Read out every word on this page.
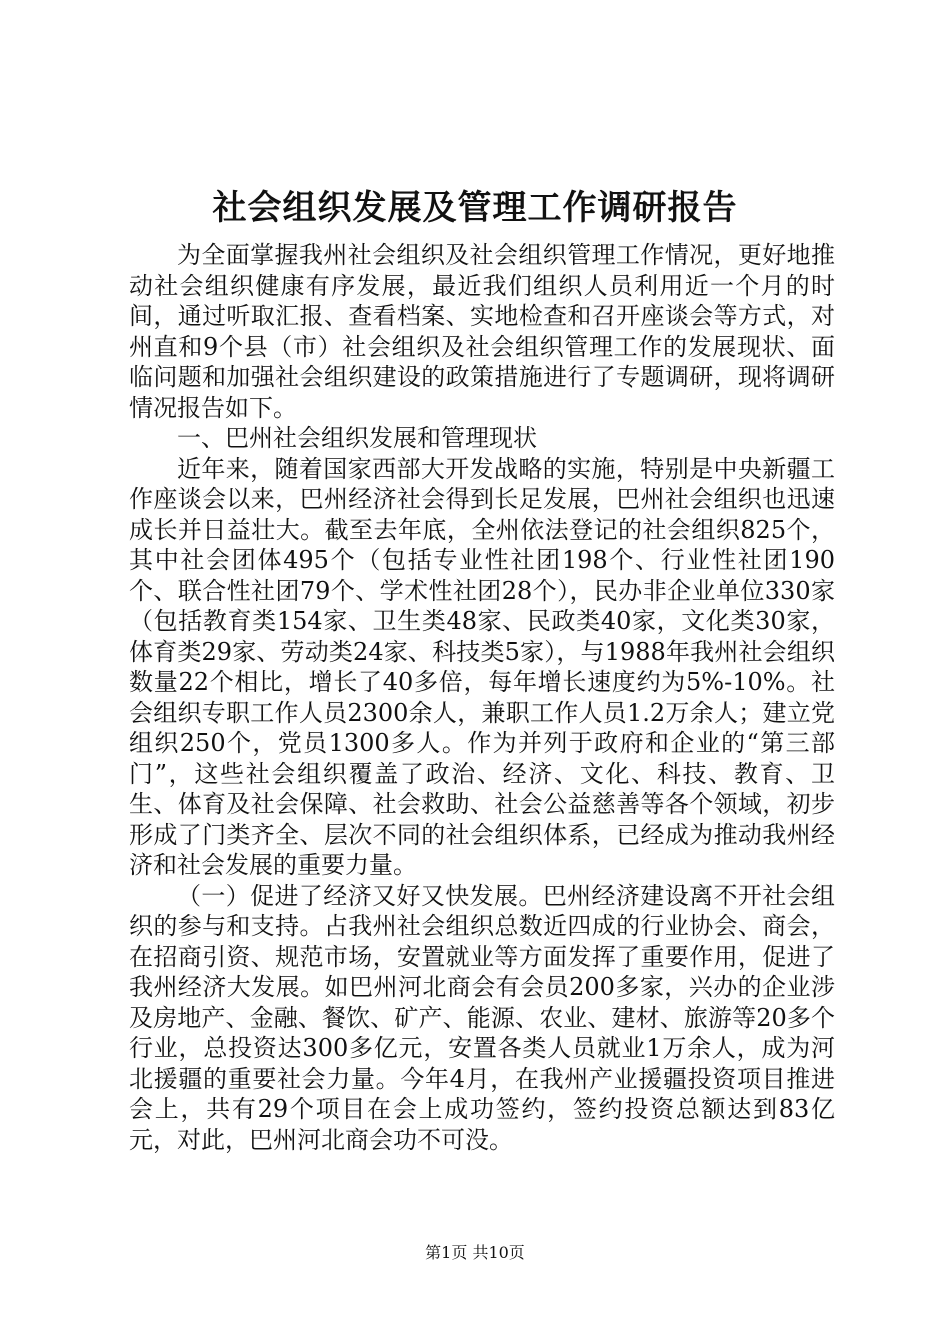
社会组织发展及管理工作调研报告

为全面掌握我州社会组织及社会组织管理工作情况，更好地推动社会组织健康有序发展，最近我们组织人员利用近一个月的时间，通过听取汇报、查看档案、实地检查和召开座谈会等方式，对州直和9个县（市）社会组织及社会组织管理工作的发展现状、面临问题和加强社会组织建设的政策措施进行了专题调研，现将调研情况报告如下。

一、巴州社会组织发展和管理现状

近年来，随着国家西部大开发战略的实施，特别是中央新疆工作座谈会以来，巴州经济社会得到长足发展，巴州社会组织也迅速成长并日益壮大。截至去年底，全州依法登记的社会组织825个，其中社会团体495个（包括专业性社团198个、行业性社团190个、联合性社团79个、学术性社团28个），民办非企业单位330家（包括教育类154家、卫生类48家、民政类40家，文化类30家，体育类29家、劳动类24家、科技类5家），与1988年我州社会组织数量22个相比，增长了40多倍，每年增长速度约为5%-10%。社会组织专职工作人员2300余人，兼职工作人员1.2万余人；建立党组织250个，党员1300多人。作为并列于政府和企业的“第三部门”，这些社会组织覆盖了政治、经济、文化、科技、教育、卫生、体育及社会保障、社会救助、社会公益慈善等各个领域，初步形成了门类齐全、层次不同的社会组织体系，已经成为推动我州经济和社会发展的重要力量。

（一）促进了经济又好又快发展。巴州经济建设离不开社会组织的参与和支持。占我州社会组织总数近四成的行业协会、商会，在招商引资、规范市场，安置就业等方面发挥了重要作用，促进了我州经济大发展。如巴州河北商会有会员200多家，兴办的企业涉及房地产、金融、餐饮、矿产、能源、农业、建材、旅游等20多个行业，总投资达300多亿元，安置各类人员就业1万余人，成为河北援疆的重要社会力量。今年4月，在我州产业援疆投资项目推进会上，共有29个项目在会上成功签约，签约投资总额达到83亿元，对此，巴州河北商会功不可没。

第1页 共10页
